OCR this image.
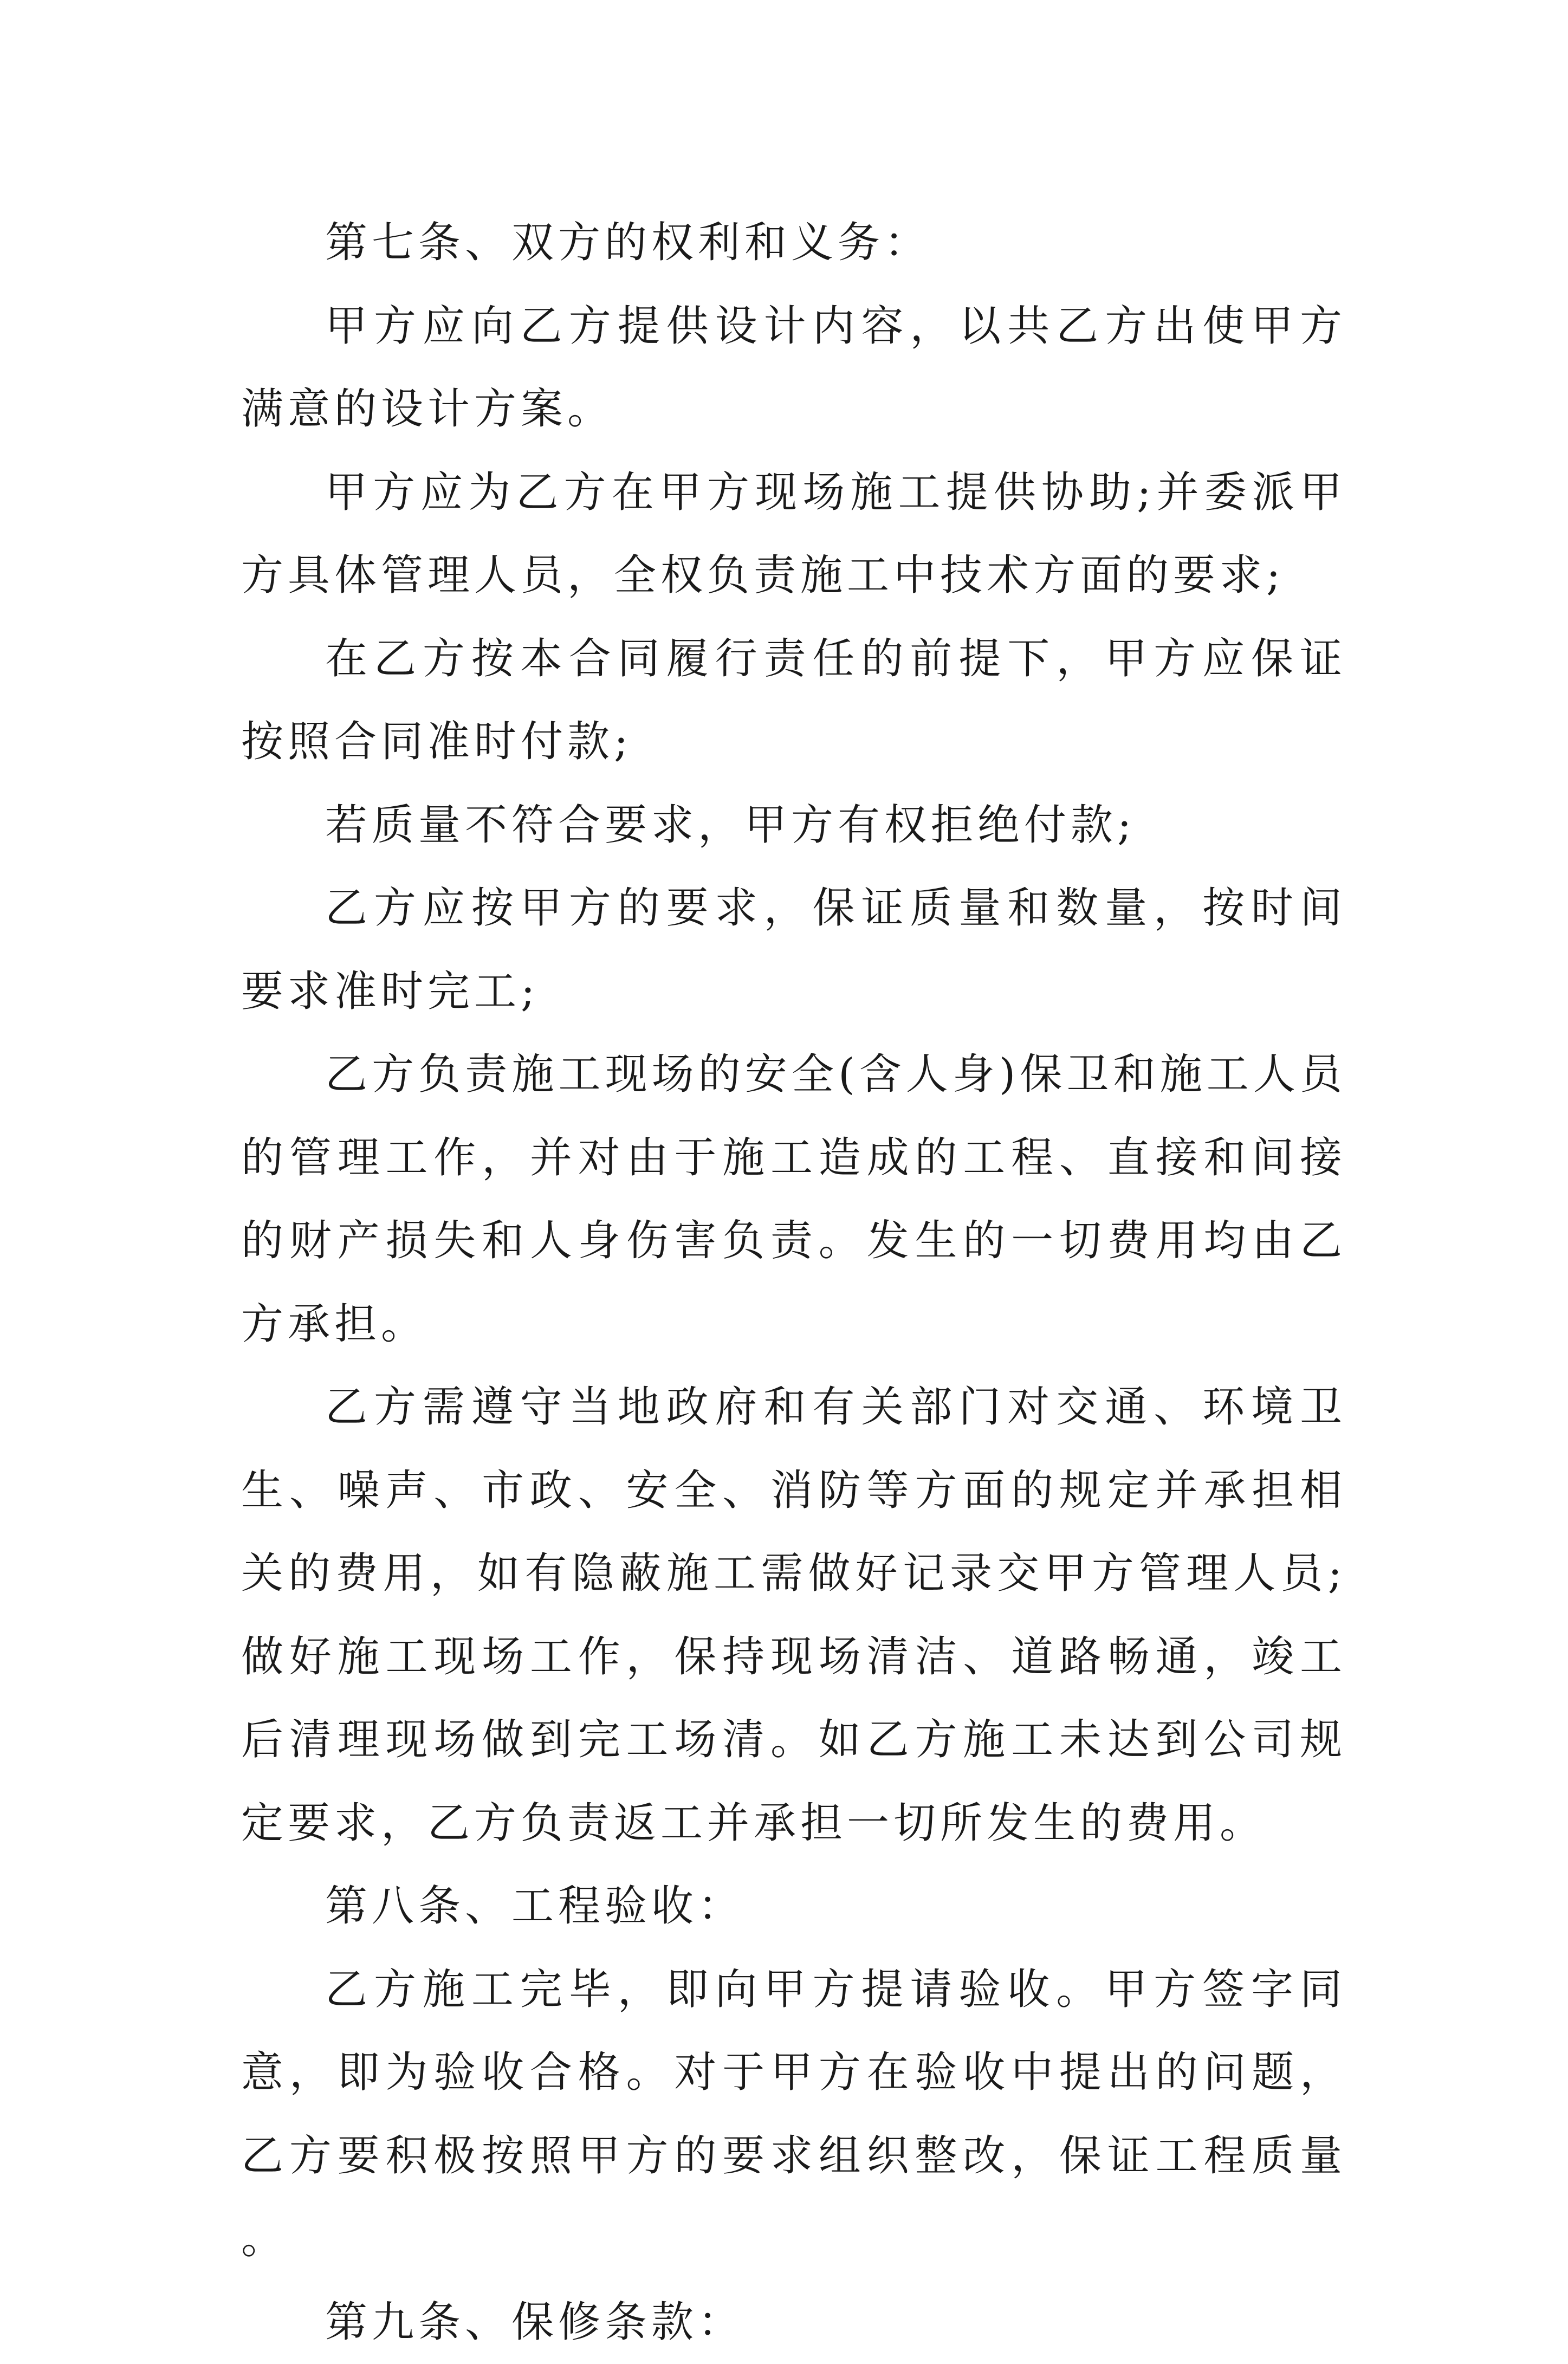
第七条、双方的权利和义务：

甲方应向乙方提供设计内容，以共乙方出使甲方满意的设计方案。

甲方应为乙方在甲方现场施工提供协助;并委派甲方具体管理人员，全权负责施工中技术方面的要求;

在乙方按本合同履行责任的前提下，甲方应保证按照合同准时付款;

若质量不符合要求，甲方有权拒绝付款;

乙方应按甲方的要求，保证质量和数量，按时间要求准时完工;

乙方负责施工现场的安全(含人身)保卫和施工人员的管理工作，并对由于施工造成的工程、直接和间接的财产损失和人身伤害负责。发生的一切费用均由乙方承担。

乙方需遵守当地政府和有关部门对交通、环境卫生、噪声、市政、安全、消防等方面的规定并承担相关的费用，如有隐蔽施工需做好记录交甲方管理人员;做好施工现场工作，保持现场清洁、道路畅通，竣工后清理现场做到完工场清。如乙方施工未达到公司规定要求，乙方负责返工并承担一切所发生的费用。

第八条、工程验收：

乙方施工完毕，即向甲方提请验收。甲方签字同意，即为验收合格。对于甲方在验收中提出的问题，乙方要积极按照甲方的要求组织整改，保证工程质量。

第九条、保修条款：
